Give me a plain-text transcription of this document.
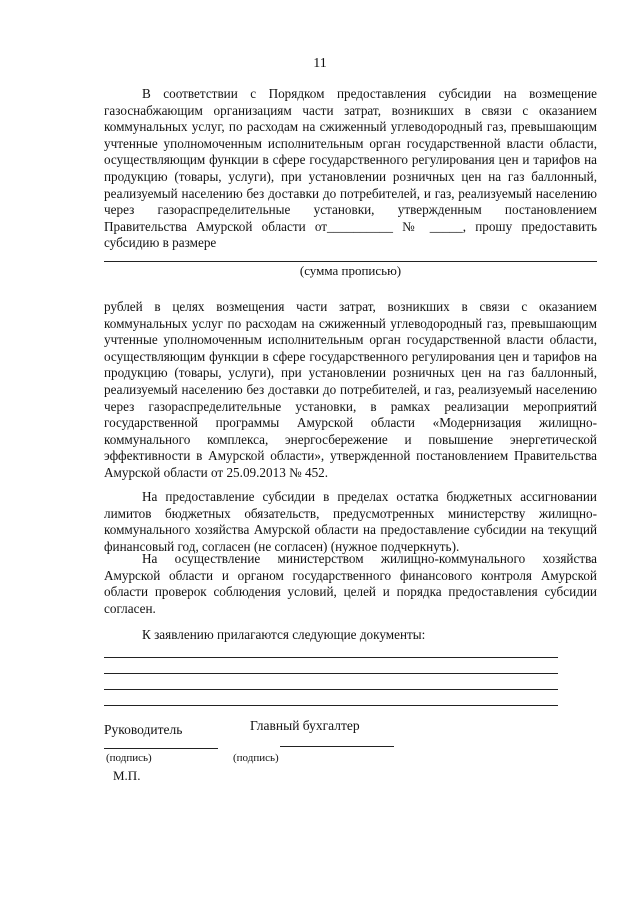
11

В соответствии с Порядком предоставления субсидии на возмещение газоснабжающим организациям части затрат, возникших в связи с оказанием коммунальных услуг, по расходам на сжиженный углеводородный газ, превышающим учтенные уполномоченным исполнительным орган государственной власти области, осуществляющим функции в сфере государственного регулирования цен и тарифов на продукцию (товары, услуги), при установлении розничных цен на газ баллонный, реализуемый населению без доставки до потребителей, и газ, реализуемый населению через газораспределительные установки, утвержденным постановлением Правительства Амурской области от__________ № _____, прошу предоставить субсидию в размере

(сумма прописью)

рублей в целях возмещения части затрат, возникших в связи с оказанием коммунальных услуг по расходам на сжиженный углеводородный газ, превышающим учтенные уполномоченным исполнительным орган государственной власти области, осуществляющим функции в сфере государственного регулирования цен и тарифов на продукцию (товары, услуги), при установлении розничных цен на газ баллонный, реализуемый населению без доставки до потребителей, и газ, реализуемый населению через газораспределительные установки, в рамках реализации мероприятий государственной программы Амурской области «Модернизация жилищно-коммунального комплекса, энергосбережение и повышение энергетической эффективности в Амурской области», утвержденной постановлением Правительства Амурской области от 25.09.2013 № 452.

На предоставление субсидии в пределах остатка бюджетных ассигновании лимитов бюджетных обязательств, предусмотренных министерству жилищно-коммунального хозяйства Амурской области на предоставление субсидии на текущий финансовый год, согласен (не согласен) (нужное подчеркнуть).

На осуществление министерством жилищно-коммунального хозяйства Амурской области и органом государственного финансового контроля Амурской области проверок соблюдения условий, целей и порядка предоставления субсидии согласен.

К заявлению прилагаются следующие документы:

Руководитель	Главный бухгалтер
(подпись)	(подпись)
М.П.
